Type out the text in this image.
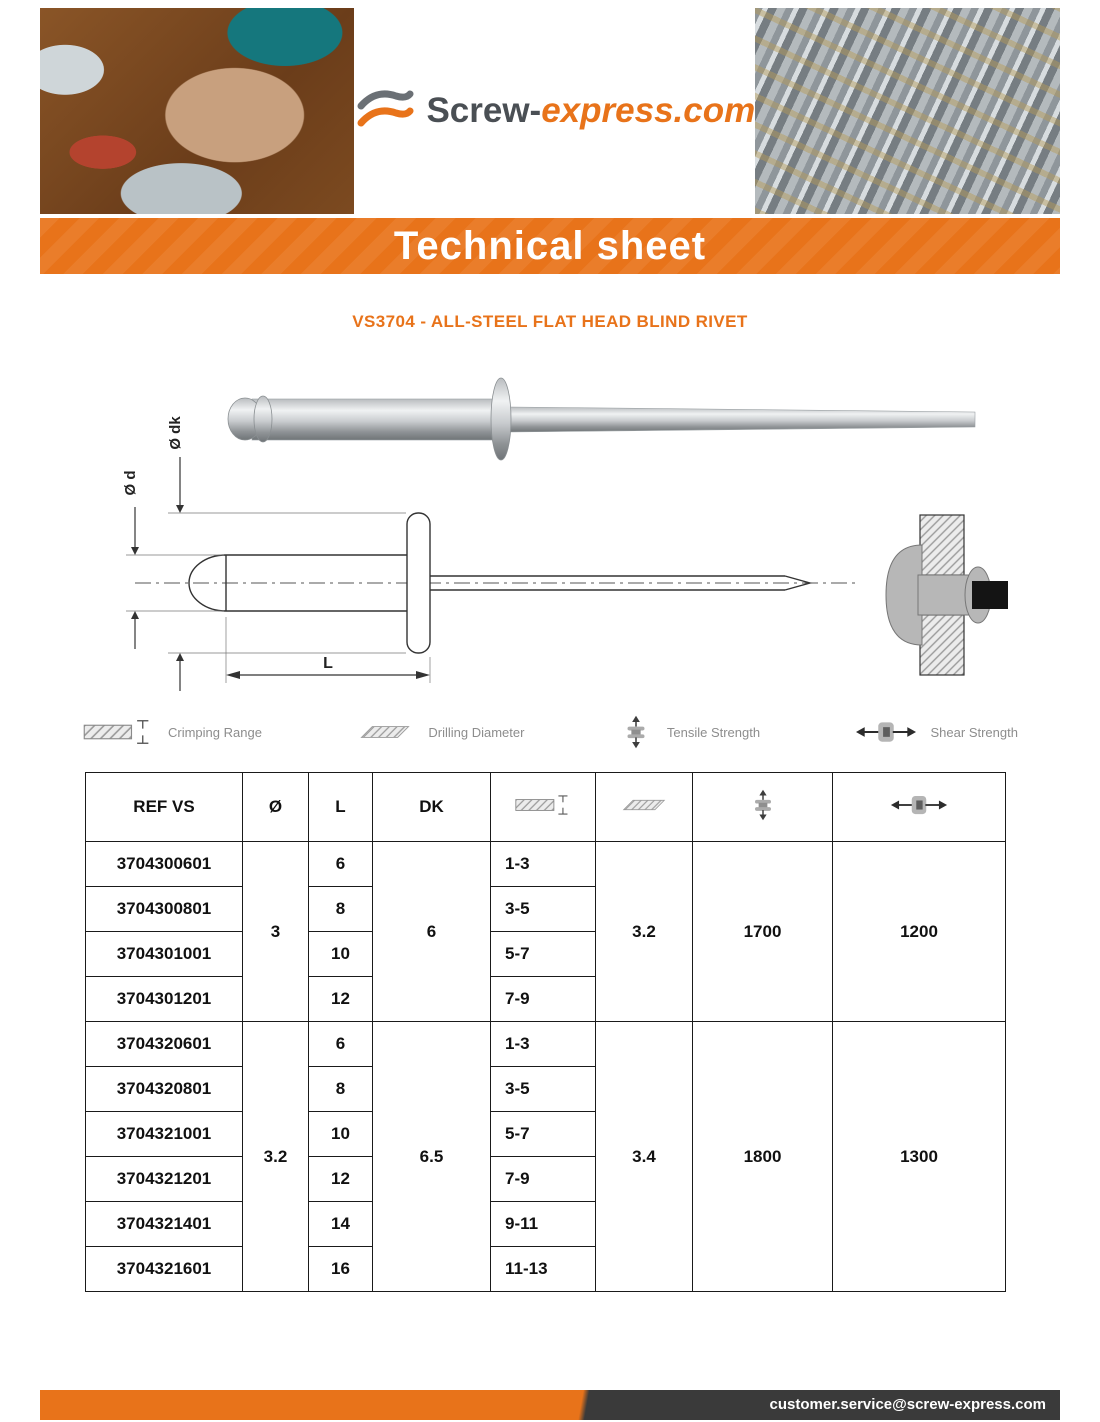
Screw-express.com
Technical sheet
VS3704 - ALL-STEEL FLAT HEAD BLIND RIVET
Ø dk
Ø d
L
Crimping Range	Drilling Diameter	Tensile Strength	Shear Strength
REF VS	Ø	L	DK				
3704300601	3	6	6	1-3	3.2	1700	1200
3704300801		8		3-5			
3704301001		10		5-7			
3704301201		12		7-9			
3704320601	3.2	6	6.5	1-3	3.4	1800	1300
3704320801		8		3-5			
3704321001		10		5-7			
3704321201		12		7-9			
3704321401		14		9-11			
3704321601		16		11-13			
customer.service@screw-express.com
